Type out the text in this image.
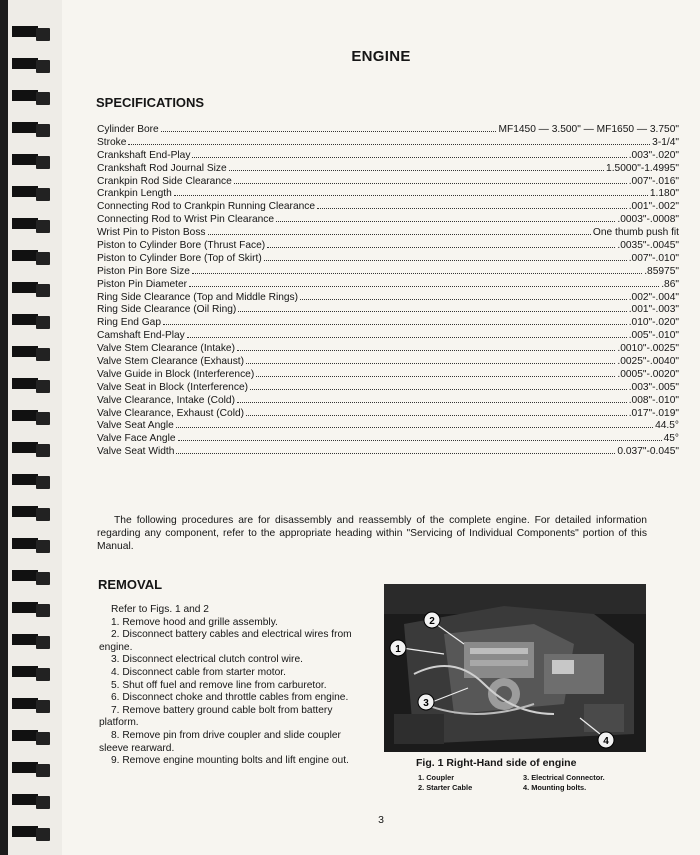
ENGINE
SPECIFICATIONS
Cylinder Bore	MF1450 — 3.500" — MF1650 — 3.750"
Stroke	3-1/4"
Crankshaft End-Play	.003"-.020"
Crankshaft Rod Journal Size	1.5000"-1.4995"
Crankpin Rod Side Clearance	.007"-.016"
Crankpin Length	1.180"
Connecting Rod to Crankpin Running Clearance	.001"-.002"
Connecting Rod to Wrist Pin Clearance	.0003"-.0008"
Wrist Pin to Piston Boss	One thumb push fit
Piston to Cylinder Bore (Thrust Face)	.0035"-.0045"
Piston to Cylinder Bore (Top of Skirt)	.007"-.010"
Piston Pin Bore Size	.85975"
Piston Pin Diameter	.86"
Ring Side Clearance (Top and Middle Rings)	.002"-.004"
Ring Side Clearance (Oil Ring)	.001"-.003"
Ring End Gap	.010"-.020"
Camshaft End-Play	.005"-.010"
Valve Stem Clearance (Intake)	.0010"-.0025"
Valve Stem Clearance (Exhaust)	.0025"-.0040"
Valve Guide in Block (Interference)	.0005"-.0020"
Valve Seat in Block (Interference)	.003"-.005"
Valve Clearance, Intake (Cold)	.008"-.010"
Valve Clearance, Exhaust (Cold)	.017"-.019"
Valve Seat Angle	44.5°
Valve Face Angle	45°
Valve Seat Width	0.037"-0.045"
The following procedures are for disassembly and reassembly of the complete engine. For detailed information regarding any component, refer to the appropriate heading within "Servicing of Individual Components" portion of this Manual.
REMOVAL

Refer to Figs. 1 and 2

1. Remove hood and grille assembly.

2. Disconnect battery cables and electrical wires from engine.

3. Disconnect electrical clutch control wire.

4. Disconnect cable from starter motor.

5. Shut off fuel and remove line from carburetor.

6. Disconnect choke and throttle cables from engine.

7. Remove battery ground cable bolt from battery platform.

8. Remove pin from drive coupler and slide coupler sleeve rearward.

9. Remove engine mounting bolts and lift engine out.

1
2
3
4
Fig. 1 Right-Hand side of engine
1. Coupler	3. Electrical Connector.
2. Starter Cable	4. Mounting bolts.
3
